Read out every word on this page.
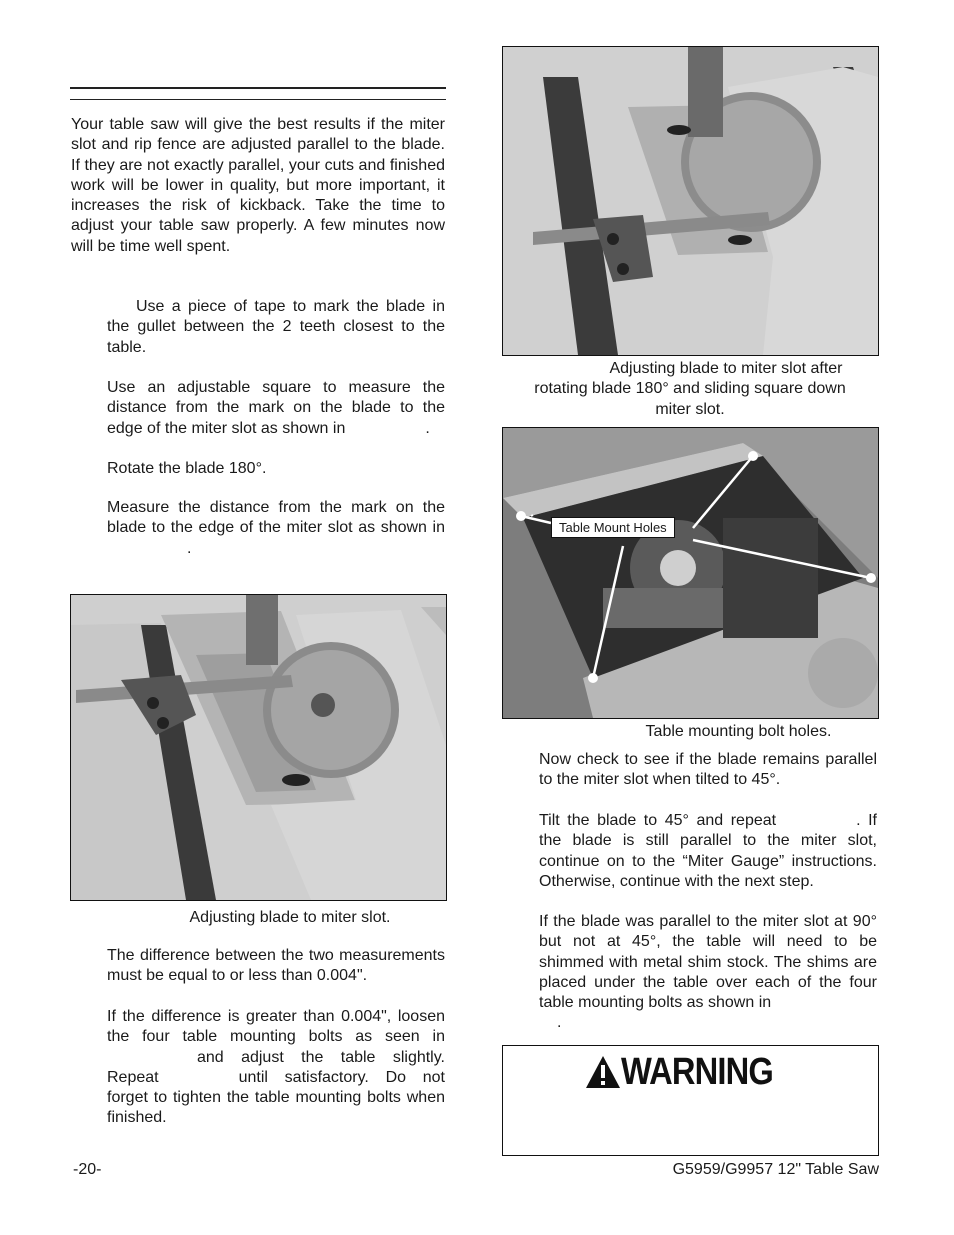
Your table saw will give the best results if the miter slot and rip fence are adjusted parallel to the blade. If they are not exactly parallel, your cuts and finished work will be lower in quality, but more important, it increases the risk of kickback. Take the time to adjust your table saw properly. A few minutes now will be time well spent.
Use a piece of tape to mark the blade in the gullet between the 2 teeth closest to the table.
Use an adjustable square to measure the distance from the mark on the blade to the edge of the miter slot as shown in	.
Rotate the blade 180°.
Measure the distance from the mark on the blade to the edge of the miter slot as shown in.
Adjusting blade to miter slot.
The difference between the two measurements must be equal to or less than 0.004".
If the difference is greater than 0.004", loosen the four table mounting bolts as seen inand adjust the table slightly. Repeat	until satisfactory. Do not forget to tighten the table mounting bolts when finished.
Adjusting blade to miter slot after rotating blade 180° and sliding square down miter slot.
Table Mount Holes
Table mounting bolt holes.
Now check to see if the blade remains parallel to the miter slot when tilted to 45°.
Tilt the blade to 45° and repeat	. If the blade is still parallel to the miter slot, continue on to the “Miter Gauge” instructions. Otherwise, continue with the next step.
If the blade was parallel to the miter slot at 90° but not at 45°, the table will need to be shimmed with metal shim stock. The shims are placed under the table over each of the four table mounting bolts as shown in
.
WARNING
-20-	G5959/G9957 12" Table Saw
